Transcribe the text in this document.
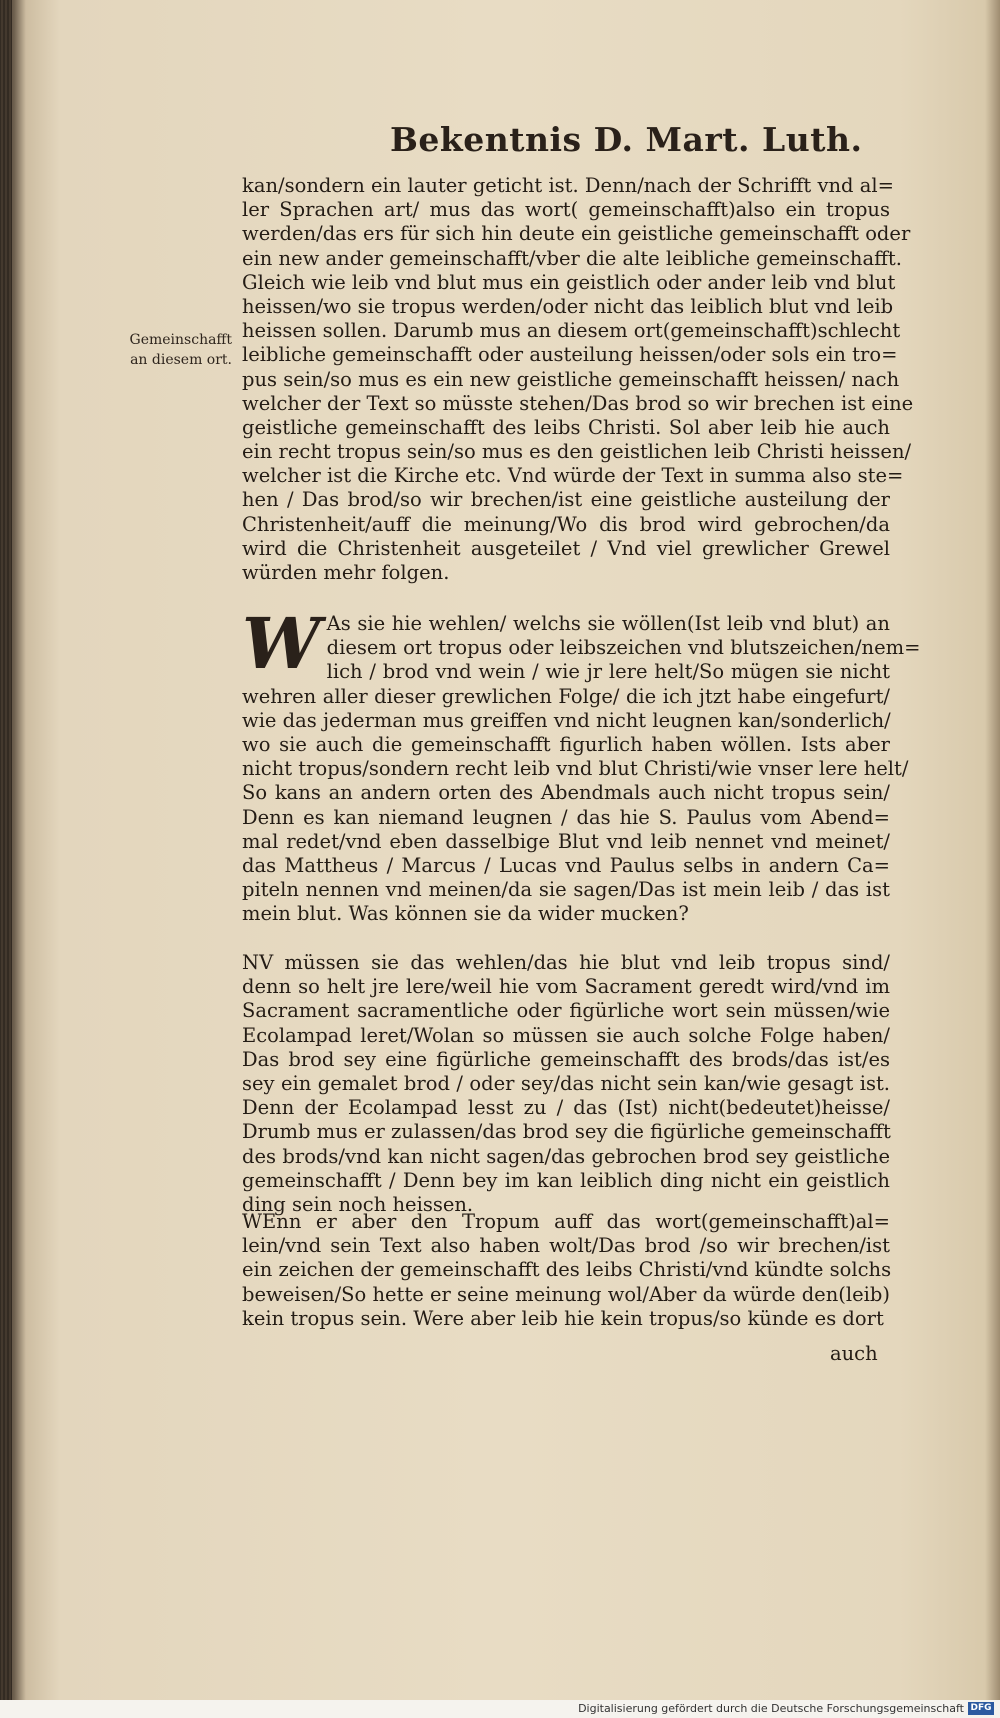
Bekentnis D. Mart. Luth.
Gemeinschafft
an diesem ort.
kan/sondern ein lauter geticht ist. Denn/nach der Schrifft vnd al=
ler Sprachen art/ mus das wort( gemeinschafft)also ein tropus
werden/das ers für sich hin deute ein geistliche gemeinschafft oder
ein new ander gemeinschafft/vber die alte leibliche gemeinschafft.
Gleich wie leib vnd blut mus ein geistlich oder ander leib vnd blut
heissen/wo sie tropus werden/oder nicht das leiblich blut vnd leib
heissen sollen. Darumb mus an diesem ort(gemeinschafft)schlecht
leibliche gemeinschafft oder austeilung heissen/oder sols ein tro=
pus sein/so mus es ein new geistliche gemeinschafft heissen/ nach
welcher der Text so müsste stehen/Das brod so wir brechen ist eine
geistliche gemeinschafft des leibs Christi. Sol aber leib hie auch
ein recht tropus sein/so mus es den geistlichen leib Christi heissen/
welcher ist die Kirche etc. Vnd würde der Text in summa also ste=
hen / Das brod/so wir brechen/ist eine geistliche austeilung der
Christenheit/auff die meinung/Wo dis brod wird gebrochen/da
wird die Christenheit ausgeteilet / Vnd viel grewlicher Grewel
würden mehr folgen.
W As sie hie wehlen/ welchs sie wöllen(Ist leib vnd blut) an
diesem ort tropus oder leibszeichen vnd blutszeichen/nem=
lich / brod vnd wein / wie jr lere helt/So mügen sie nicht
wehren aller dieser grewlichen Folge/ die ich jtzt habe eingefurt/
wie das jederman mus greiffen vnd nicht leugnen kan/sonderlich/
wo sie auch die gemeinschafft figurlich haben wöllen. Ists aber
nicht tropus/sondern recht leib vnd blut Christi/wie vnser lere helt/
So kans an andern orten des Abendmals auch nicht tropus sein/
Denn es kan niemand leugnen / das hie S. Paulus vom Abend=
mal redet/vnd eben dasselbige Blut vnd leib nennet vnd meinet/
das Mattheus / Marcus / Lucas vnd Paulus selbs in andern Ca=
piteln nennen vnd meinen/da sie sagen/Das ist mein leib / das ist
mein blut. Was können sie da wider mucken?
NV müssen sie das wehlen/das hie blut vnd leib tropus sind/
denn so helt jre lere/weil hie vom Sacrament geredt wird/vnd im
Sacrament sacramentliche oder figürliche wort sein müssen/wie
Ecolampad leret/Wolan so müssen sie auch solche Folge haben/
Das brod sey eine figürliche gemeinschafft des brods/das ist/es
sey ein gemalet brod / oder sey/das nicht sein kan/wie gesagt ist.
Denn der Ecolampad lesst zu / das (Ist) nicht(bedeutet)heisse/
Drumb mus er zulassen/das brod sey die figürliche gemeinschafft
des brods/vnd kan nicht sagen/das gebrochen brod sey geistliche
gemeinschafft / Denn bey im kan leiblich ding nicht ein geistlich
ding sein noch heissen.
WEnn er aber den Tropum auff das wort(gemeinschafft)al=
lein/vnd sein Text also haben wolt/Das brod /so wir brechen/ist
ein zeichen der gemeinschafft des leibs Christi/vnd kündte solchs
beweisen/So hette er seine meinung wol/Aber da würde den(leib)
kein tropus sein. Were aber leib hie kein tropus/so künde es dort
auch
Digitalisierung gefördert durch die Deutsche Forschungsgemeinschaft DFG
